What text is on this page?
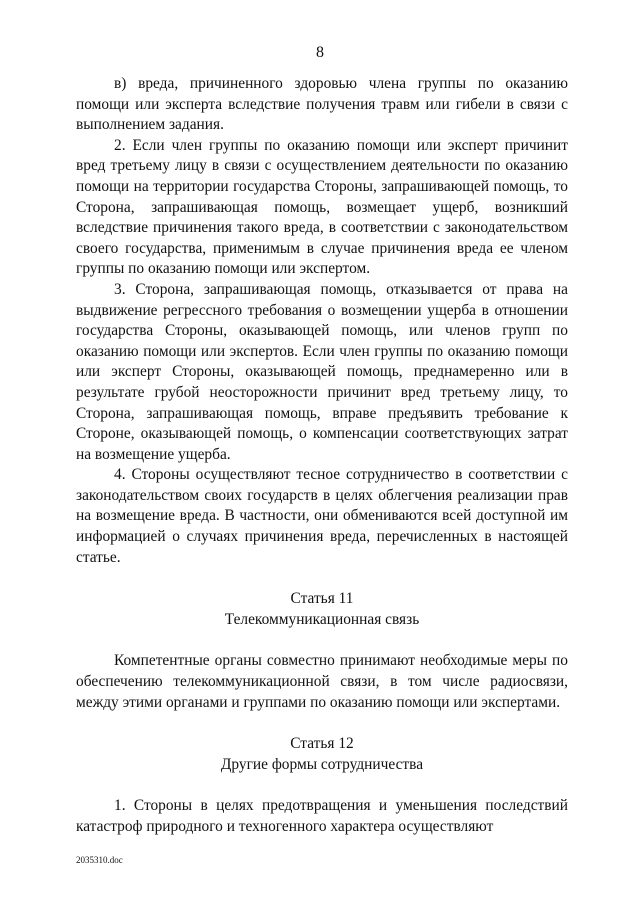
8

в) вреда, причиненного здоровью члена группы по оказанию помощи или эксперта вследствие получения травм или гибели в связи с выполнением задания.

2. Если член группы по оказанию помощи или эксперт причинит вред третьему лицу в связи с осуществлением деятельности по оказанию помощи на территории государства Стороны, запрашивающей помощь, то Сторона, запрашивающая помощь, возмещает ущерб, возникший вследствие причинения такого вреда, в соответствии с законодательством своего государства, применимым в случае причинения вреда ее членом группы по оказанию помощи или экспертом.

3. Сторона, запрашивающая помощь, отказывается от права на выдвижение регрессного требования о возмещении ущерба в отношении государства Стороны, оказывающей помощь, или членов групп по оказанию помощи или экспертов. Если член группы по оказанию помощи или эксперт Стороны, оказывающей помощь, преднамеренно или в результате грубой неосторожности причинит вред третьему лицу, то Сторона, запрашивающая помощь, вправе предъявить требование к Стороне, оказывающей помощь, о компенсации соответствующих затрат на возмещение ущерба.

4. Стороны осуществляют тесное сотрудничество в соответствии с законодательством своих государств в целях облегчения реализации прав на возмещение вреда. В частности, они обмениваются всей доступной им информацией о случаях причинения вреда, перечисленных в настоящей статье.

Статья 11

Телекоммуникационная связь

Компетентные органы совместно принимают необходимые меры по обеспечению телекоммуникационной связи, в том числе радиосвязи, между этими органами и группами по оказанию помощи или экспертами.

Статья 12

Другие формы сотрудничества

1. Стороны в целях предотвращения и уменьшения последствий катастроф природного и техногенного характера осуществляют

2035310.doc
